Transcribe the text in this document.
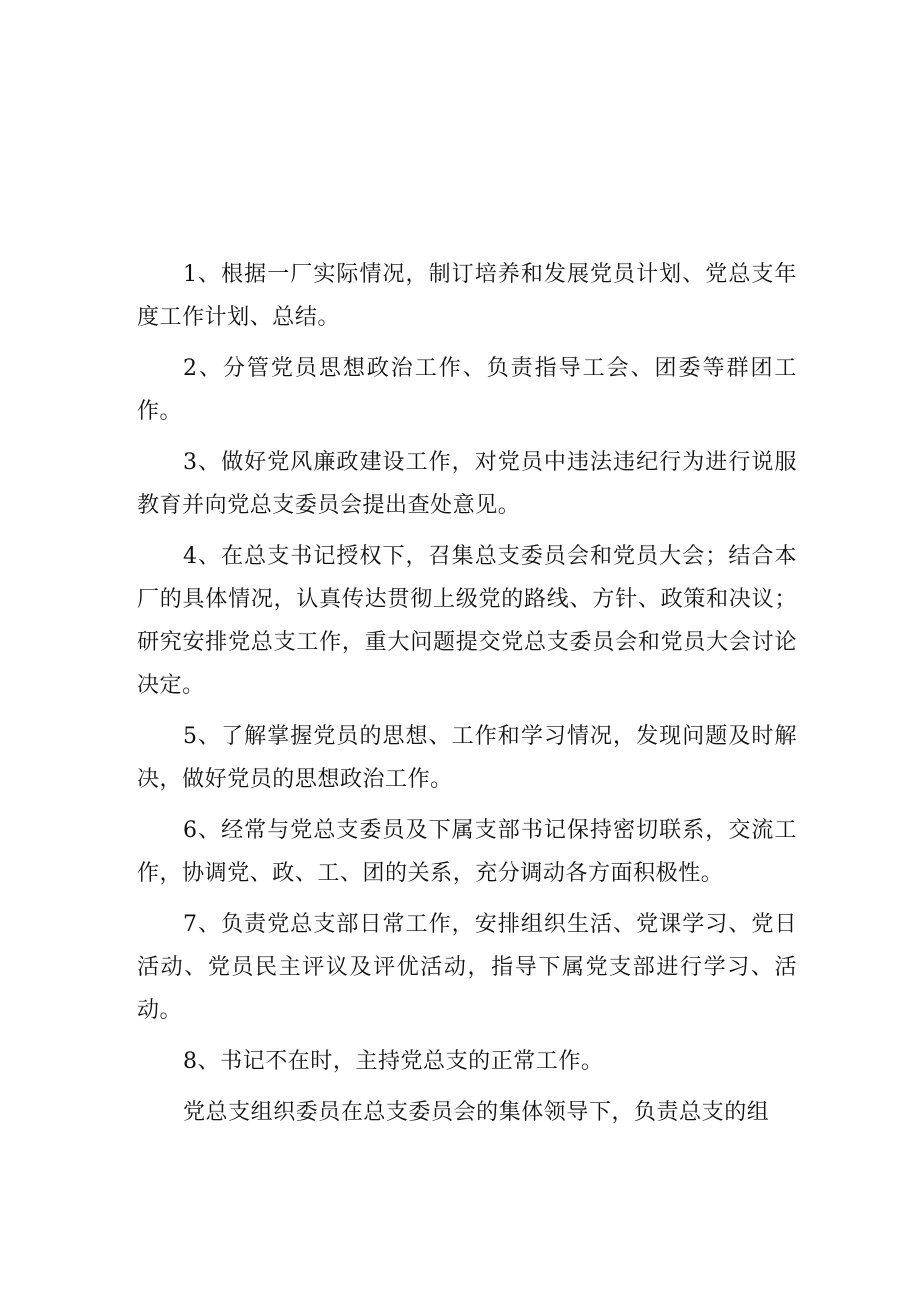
1、根据一厂实际情况，制订培养和发展党员计划、党总支年度工作计划、总结。

2、分管党员思想政治工作、负责指导工会、团委等群团工作。

3、做好党风廉政建设工作，对党员中违法违纪行为进行说服教育并向党总支委员会提出查处意见。

4、在总支书记授权下，召集总支委员会和党员大会；结合本厂的具体情况，认真传达贯彻上级党的路线、方针、政策和决议；研究安排党总支工作，重大问题提交党总支委员会和党员大会讨论决定。

5、了解掌握党员的思想、工作和学习情况，发现问题及时解决，做好党员的思想政治工作。

6、经常与党总支委员及下属支部书记保持密切联系，交流工作，协调党、政、工、团的关系，充分调动各方面积极性。

7、负责党总支部日常工作，安排组织生活、党课学习、党日活动、党员民主评议及评优活动，指导下属党支部进行学习、活动。

8、书记不在时，主持党总支的正常工作。

党总支组织委员在总支委员会的集体领导下，负责总支的组
